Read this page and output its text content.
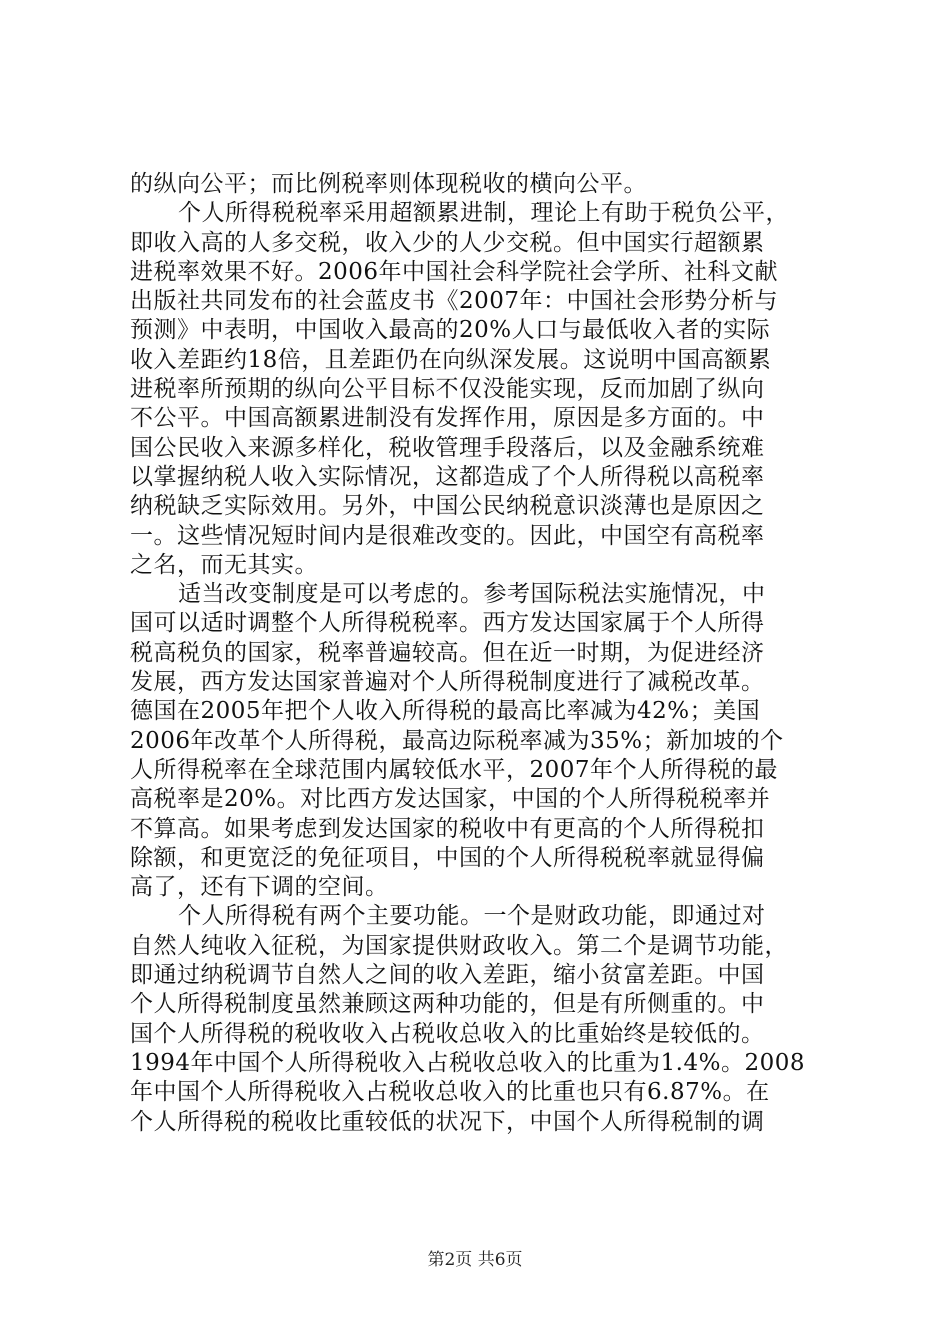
的纵向公平；而比例税率则体现税收的横向公平。
个人所得税税率采用超额累进制，理论上有助于税负公平，
即收入高的人多交税，收入少的人少交税。但中国实行超额累
进税率效果不好。2006年中国社会科学院社会学所、社科文献
出版社共同发布的社会蓝皮书《2007年：中国社会形势分析与
预测》中表明，中国收入最高的20%人口与最低收入者的实际
收入差距约18倍，且差距仍在向纵深发展。这说明中国高额累
进税率所预期的纵向公平目标不仅没能实现，反而加剧了纵向
不公平。中国高额累进制没有发挥作用，原因是多方面的。中
国公民收入来源多样化，税收管理手段落后，以及金融系统难
以掌握纳税人收入实际情况，这都造成了个人所得税以高税率
纳税缺乏实际效用。另外，中国公民纳税意识淡薄也是原因之
一。这些情况短时间内是很难改变的。因此，中国空有高税率
之名，而无其实。
适当改变制度是可以考虑的。参考国际税法实施情况，中
国可以适时调整个人所得税税率。西方发达国家属于个人所得
税高税负的国家，税率普遍较高。但在近一时期，为促进经济
发展，西方发达国家普遍对个人所得税制度进行了减税改革。
德国在2005年把个人收入所得税的最高比率减为42%；美国
2006年改革个人所得税，最高边际税率减为35%；新加坡的个
人所得税率在全球范围内属较低水平，2007年个人所得税的最
高税率是20%。对比西方发达国家，中国的个人所得税税率并
不算高。如果考虑到发达国家的税收中有更高的个人所得税扣
除额，和更宽泛的免征项目，中国的个人所得税税率就显得偏
高了，还有下调的空间。
个人所得税有两个主要功能。一个是财政功能，即通过对
自然人纯收入征税，为国家提供财政收入。第二个是调节功能，
即通过纳税调节自然人之间的收入差距，缩小贫富差距。中国
个人所得税制度虽然兼顾这两种功能的，但是有所侧重的。中
国个人所得税的税收收入占税收总收入的比重始终是较低的。
1994年中国个人所得税收入占税收总收入的比重为1.4%。2008
年中国个人所得税收入占税收总收入的比重也只有6.87%。在
个人所得税的税收比重较低的状况下，中国个人所得税制的调
第2页 共6页
